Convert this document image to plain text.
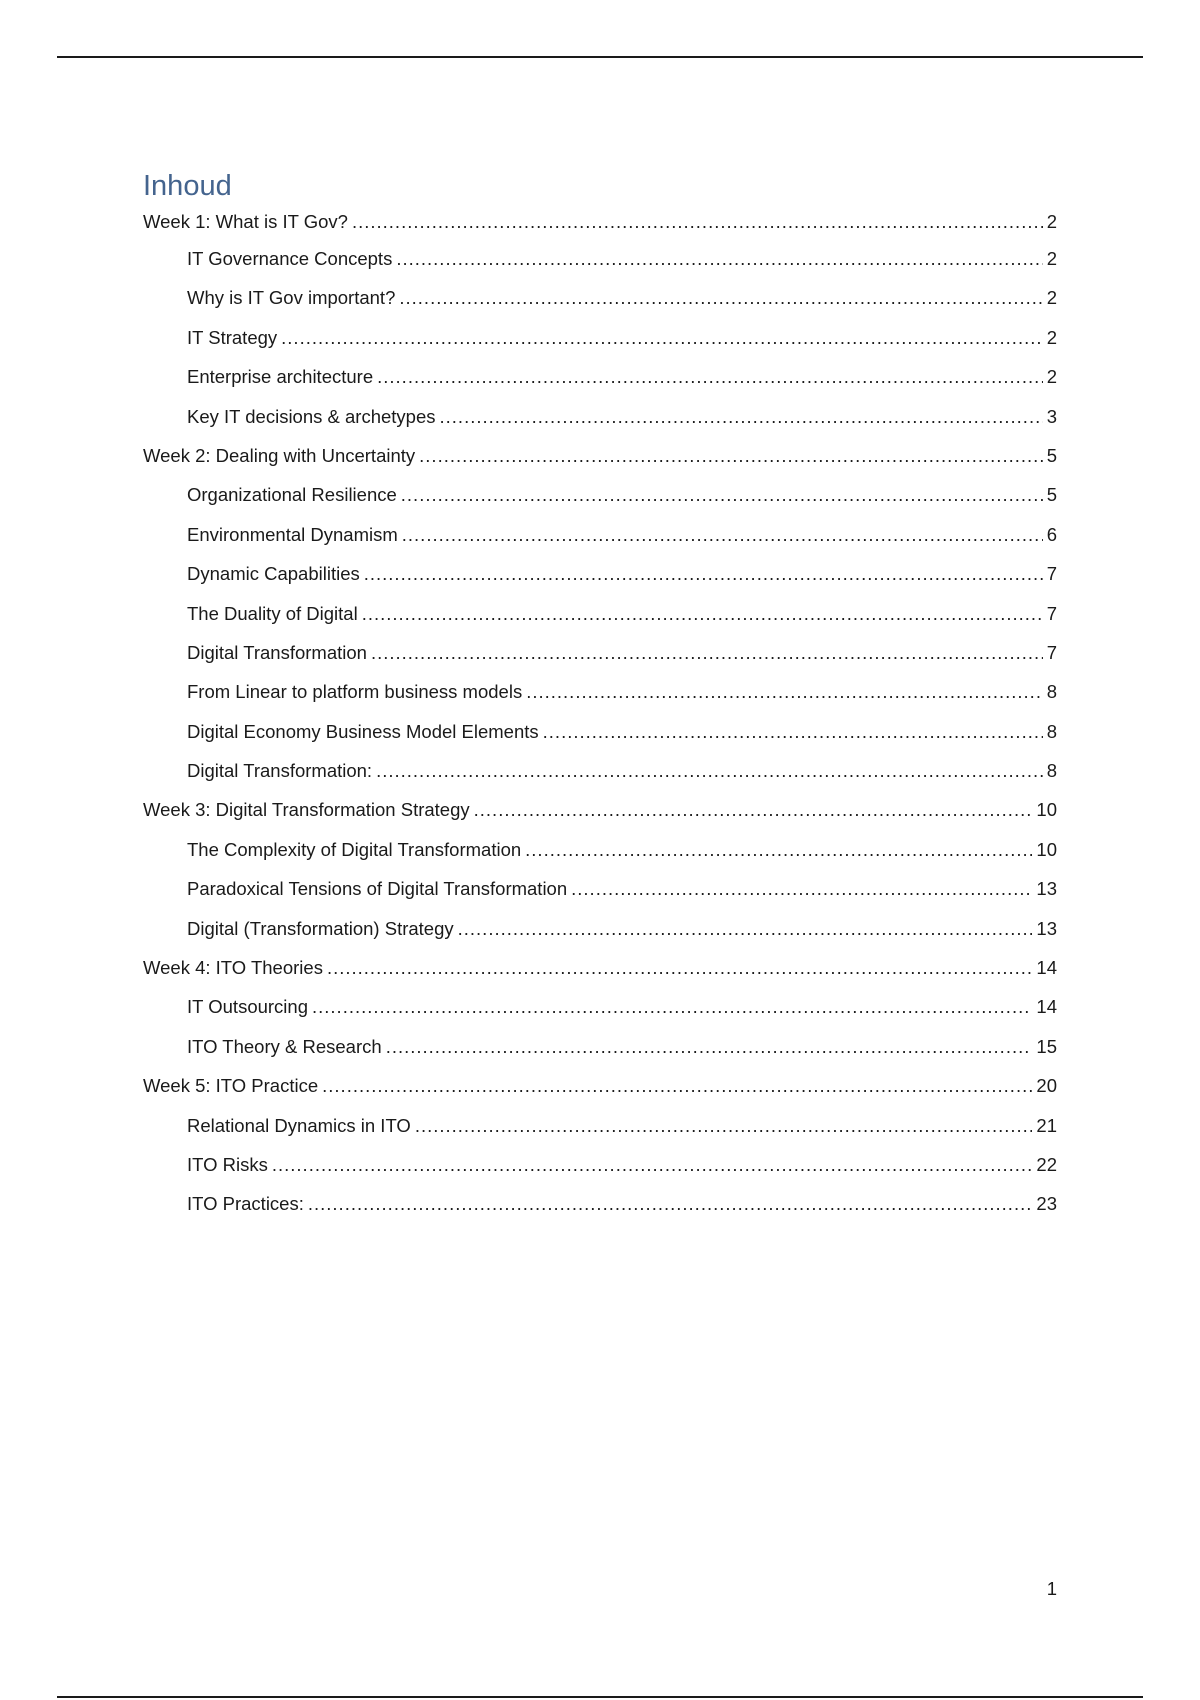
Inhoud
Week 1: What is IT Gov? .....	2
IT Governance Concepts .....	2
Why is IT Gov important? .....	2
IT Strategy .....	2
Enterprise architecture .....	2
Key IT decisions & archetypes .....	3
Week 2: Dealing with Uncertainty .....	5
Organizational Resilience .....	5
Environmental Dynamism .....	6
Dynamic Capabilities .....	7
The Duality of Digital .....	7
Digital Transformation .....	7
From Linear to platform business models .....	8
Digital Economy Business Model Elements .....	8
Digital Transformation: .....	8
Week 3: Digital Transformation Strategy .....	10
The Complexity of Digital Transformation .....	10
Paradoxical Tensions of Digital Transformation .....	13
Digital (Transformation) Strategy .....	13
Week 4: ITO Theories .....	14
IT Outsourcing .....	14
ITO Theory & Research .....	15
Week 5: ITO Practice .....	20
Relational Dynamics in ITO .....	21
ITO Risks .....	22
ITO Practices: .....	23
1
